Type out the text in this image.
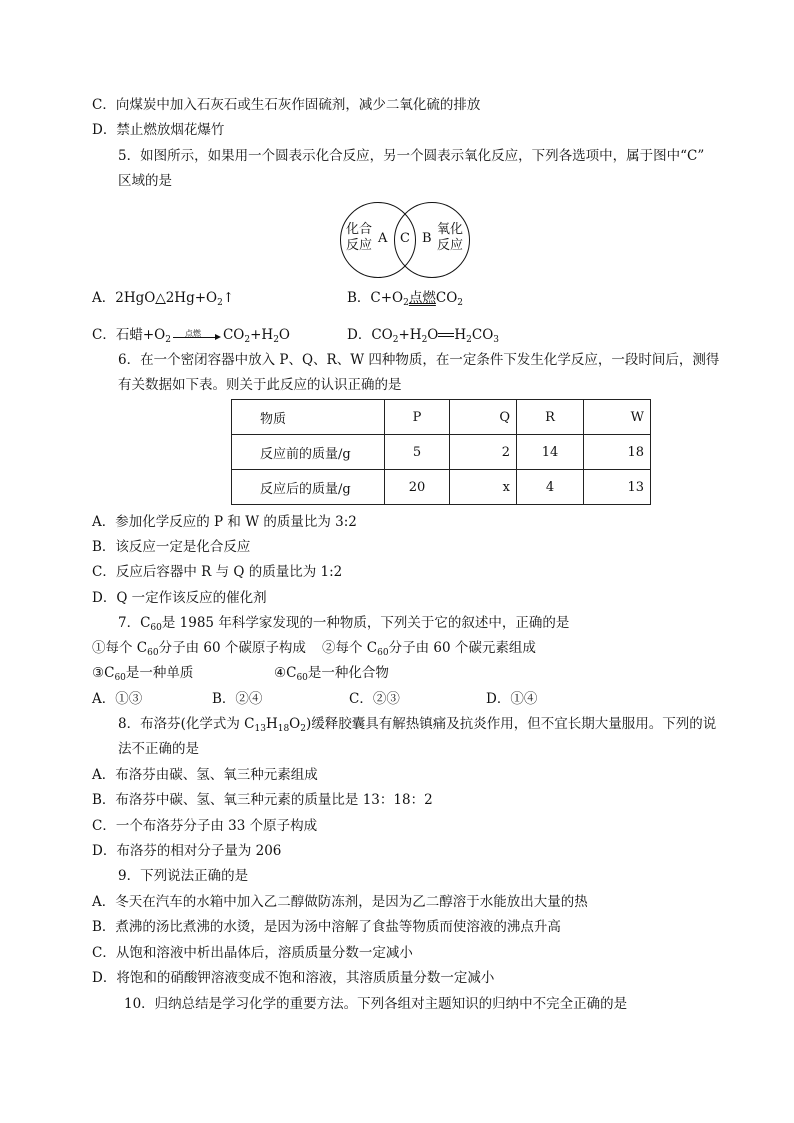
C．向煤炭中加入石灰石或生石灰作固硫剂，减少二氧化硫的排放
D．禁止燃放烟花爆竹
5．如图所示，如果用一个圆表示化合反应，另一个圆表示氧化反应，下列各选项中，属于图中“C”
区域的是
化合
反应 A C B
氧化
反应
A．$2HgO\triangle 2Hg+O_2↑$	B．$C+O_2$点燃$CO_2$
C．石蜡$+O_2$
点燃 $CO_2+H_2O$	D．$CO_2+H_2O$ $H_2CO_3$
6．在一个密闭容器中放入 P、Q、R、W 四种物质，在一定条件下发生化学反应，一段时间后，测得
有关数据如下表。则关于此反应的认识正确的是
物质	P	Q	R	W
反应前的质量/g	5	2	14	18
反应后的质量/g	20	x	4	13
A．参加化学反应的 P 和 W 的质量比为 3:2
B．该反应一定是化合反应
C．反应后容器中 R 与 Q 的质量比为 1:2
D．Q 一定作该反应的催化剂
7．$C_{60}$是 1985 年科学家发现的一种物质，下列关于它的叙述中，正确的是
①每个 $C_{60}$分子由 60 个碳原子构成 ②每个 $C_{60}$分子由 60 个碳元素组成
$③C_{60}$是一种单质	$④C_{60}$是一种化合物
A．①③	B．②④	C．②③	D．①④
8．布洛芬(化学式为 $C_{13}H_{18}O_2$)缓释胶囊具有解热镇痛及抗炎作用，但不宜长期大量服用。下列的说
法不正确的是
A．布洛芬由碳、氢、氧三种元素组成
B．布洛芬中碳、氢、氧三种元素的质量比是 13：18：2
C．一个布洛芬分子由 33 个原子构成
D．布洛芬的相对分子量为 206
9．下列说法正确的是
A．冬天在汽车的水箱中加入乙二醇做防冻剂，是因为乙二醇溶于水能放出大量的热
B．煮沸的汤比煮沸的水烫，是因为汤中溶解了食盐等物质而使溶液的沸点升高
C．从饱和溶液中析出晶体后，溶质质量分数一定减小
D．将饱和的硝酸钾溶液变成不饱和溶液，其溶质质量分数一定减小
10．归纳总结是学习化学的重要方法。下列各组对主题知识的归纳中不完全正确的是
